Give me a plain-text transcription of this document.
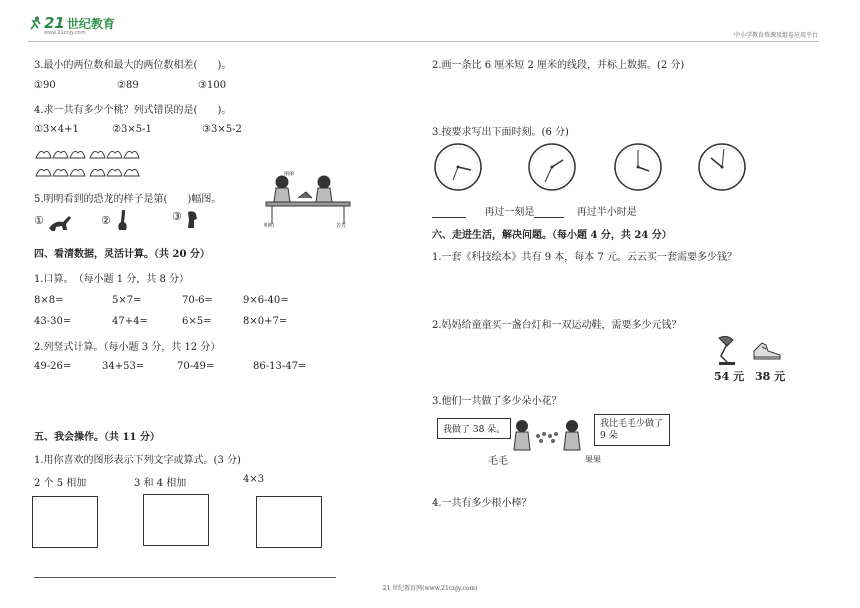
21 世纪教育
www.21cnjy.com	中小学教育资源及组卷应用平台
3.最小的两位数和最大的两位数相差(　　)。
①90	②89	③100
4.求一共有多少个桃？列式错误的是(　　)。
①3×4+1	②3×5-1	③3×5-2
5.明明看到的恐龙的样子是第(　　)幅图。
丽丽
明明	芳芳
①	②	③
四、看清数据，灵活计算。（共 20 分）
1.口算。　（每小题 1 分，共 8 分）
8×8=	5×7=	70-6=	9×6-40=
43-30=	47+4=	6×5=	8×0+7=
2.列竖式计算。（每小题 3 分，共 12 分）
49-26=	34+53=	70-49=	86-13-47=
五、我会操作。（共 11 分）
1.用你喜欢的图形表示下列文字或算式。(3 分)
2 个 5 相加	3 和 4 相加	4×3
2.画一条比 6 厘米短 2 厘米的线段，并标上数据。(2 分)
3.按要求写出下面时刻。(6 分)
再过一刻是	再过半小时是
六、走进生活，解决问题。（每小题 4 分，共 24 分）
1.一套《科技绘本》共有 9 本，每本 7 元。云云买一套需要多少钱？
2.妈妈给童童买一盏台灯和一双运动鞋，需要多少元钱？
54 元 38 元
3.他们一共做了多少朵小花？
我做了 38 朵。
我比毛毛少做了 9 朵
毛毛	果果
4.一共有多少根小棒？
21 世纪教育网(www.21cnjy.com)
